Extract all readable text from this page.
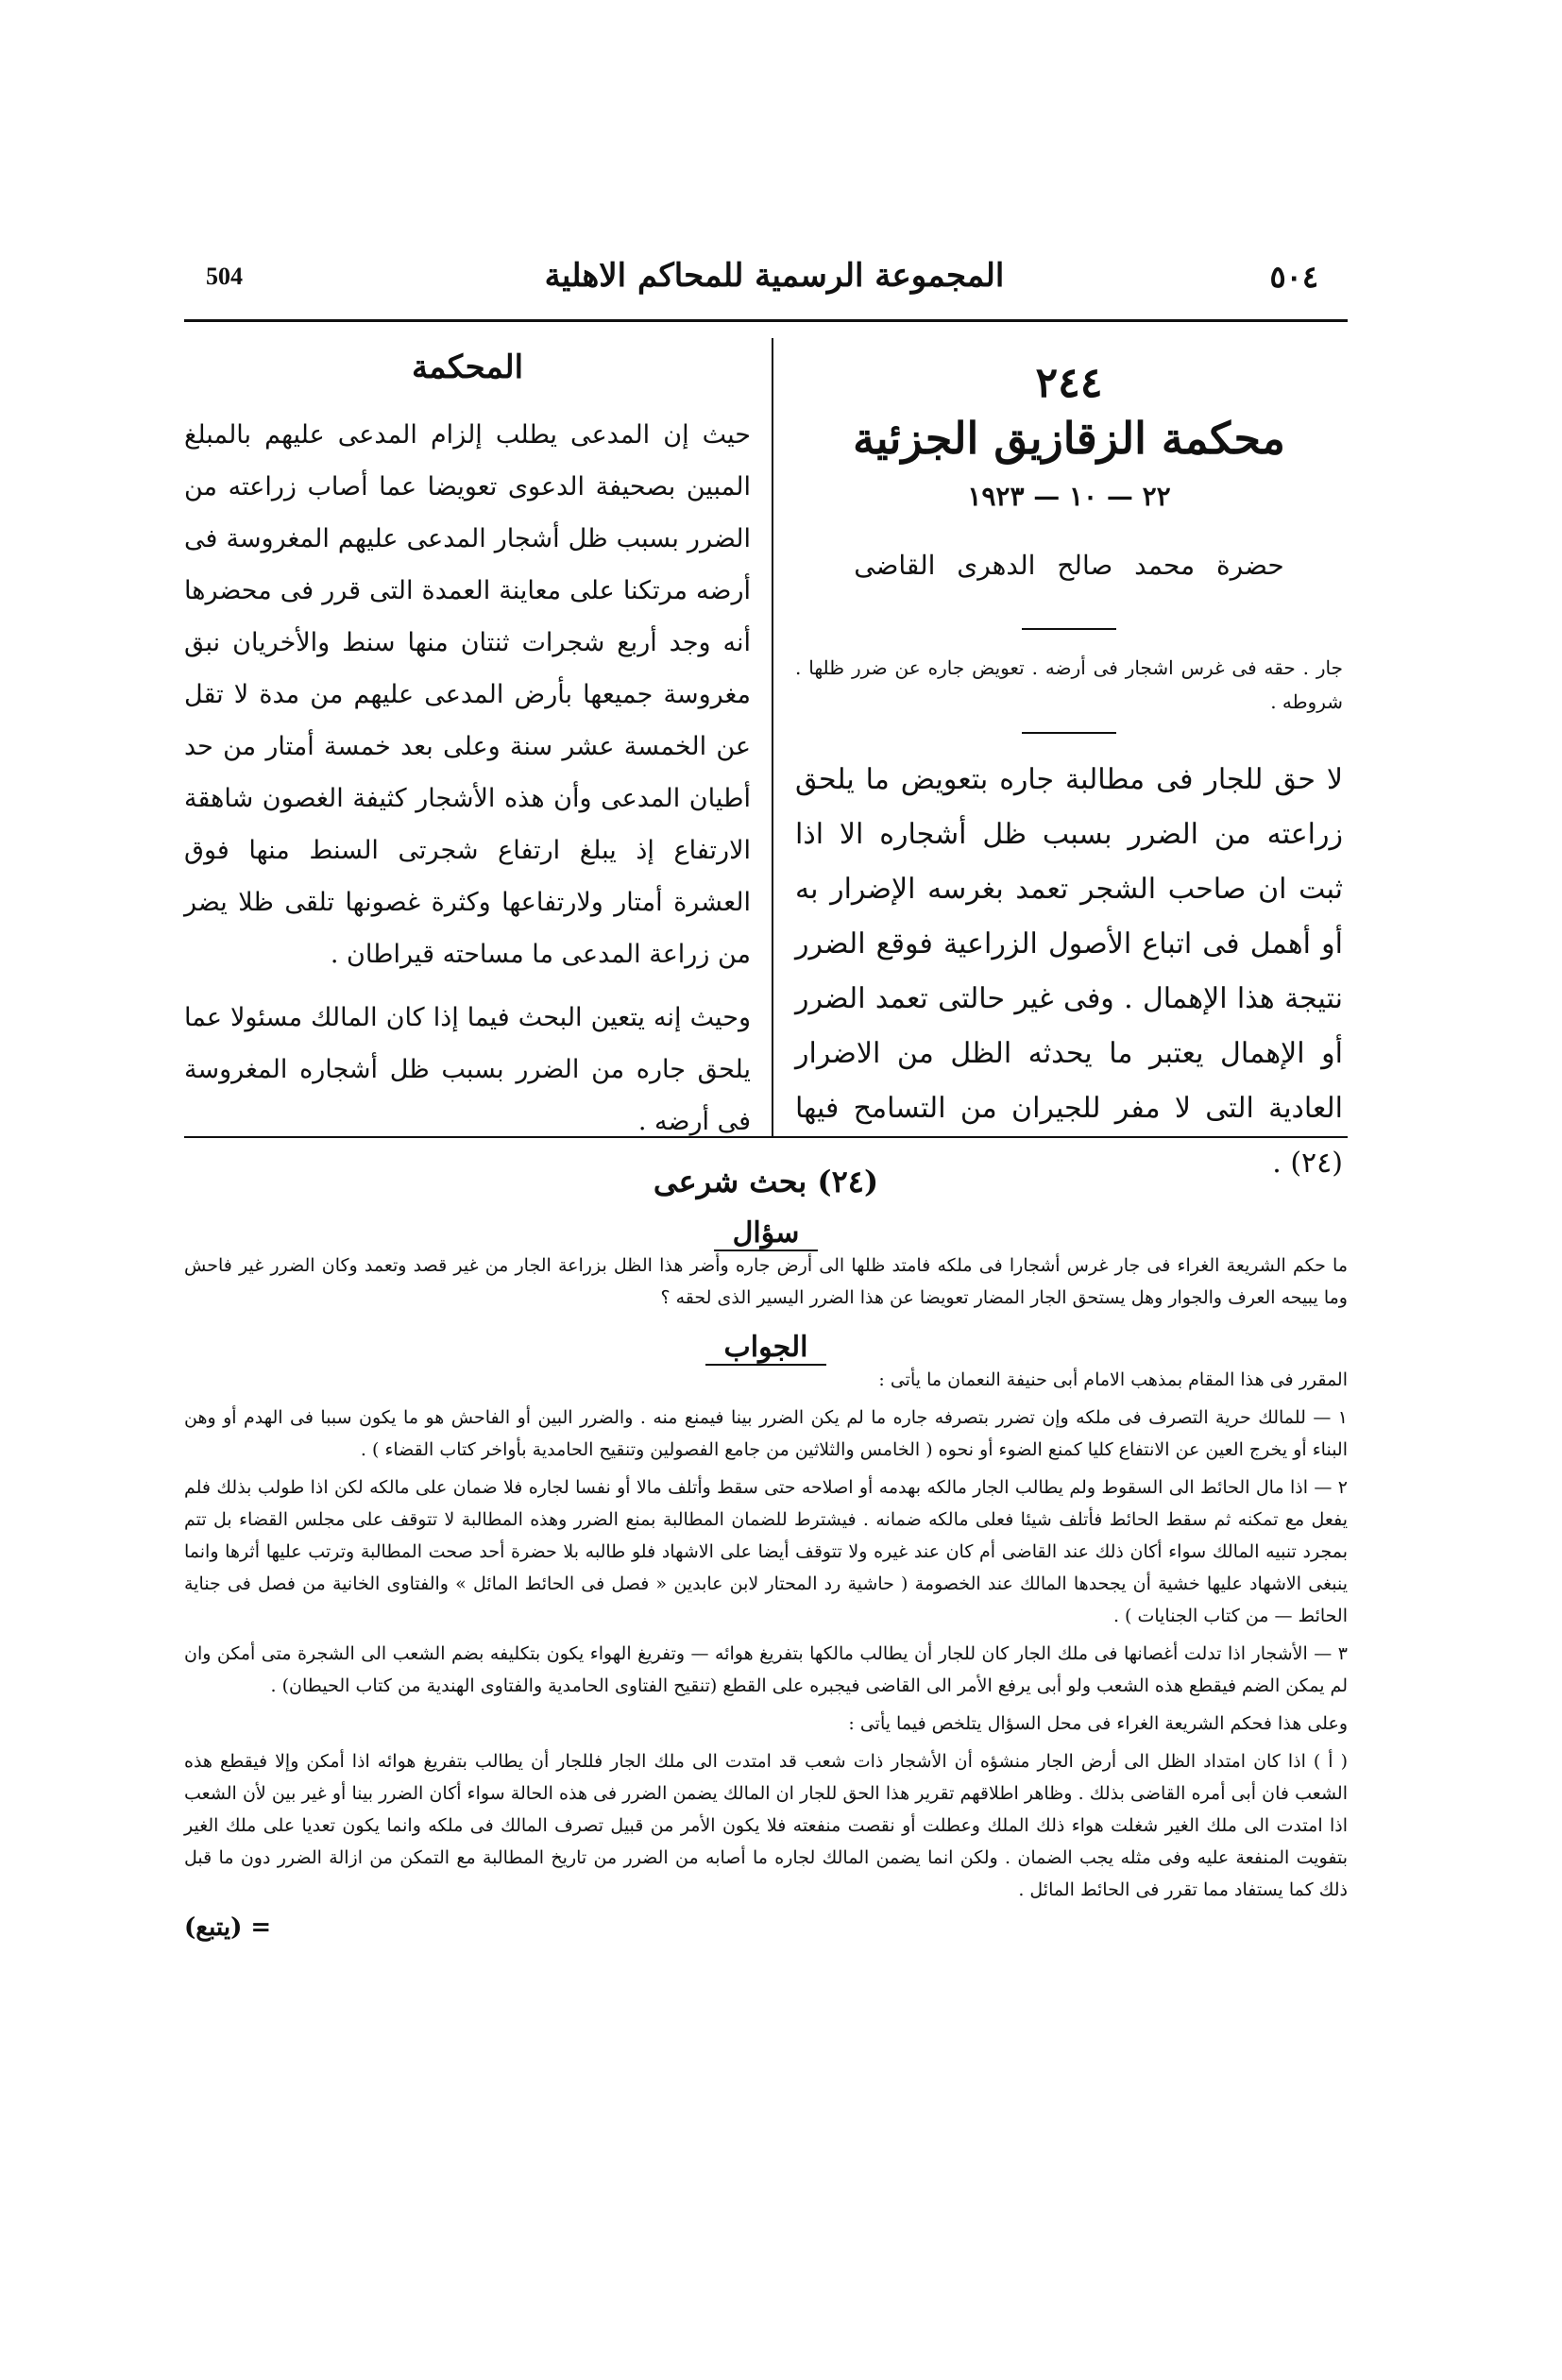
504	المجموعة الرسمية للمحاكم الاهلية	٥٠٤
٢٤٤
محكمة الزقازيق الجزئية
٢٢ — ١٠ — ١٩٢٣
حضرة محمد صالح الدهرى القاضى
جار . حقه فى غرس اشجار فى أرضه . تعويض جاره عن ضرر ظلها . شروطه .
لا حق للجار فى مطالبة جاره بتعويض ما يلحق زراعته من الضرر بسبب ظل أشجاره الا اذا ثبت ان صاحب الشجر تعمد بغرسه الإضرار به أو أهمل فى اتباع الأصول الزراعية فوقع الضرر نتيجة هذا الإهمال . وفى غير حالتى تعمد الضرر أو الإهمال يعتبر ما يحدثه الظل من الاضرار العادية التى لا مفر للجيران من التسامح فيها (٢٤) .
المحكمة

حيث إن المدعى يطلب إلزام المدعى عليهم بالمبلغ المبين بصحيفة الدعوى تعويضا عما أصاب زراعته من الضرر بسبب ظل أشجار المدعى عليهم المغروسة فى أرضه مرتكنا على معاينة العمدة التى قرر فى محضرها أنه وجد أربع شجرات ثنتان منها سنط والأخريان نبق مغروسة جميعها بأرض المدعى عليهم من مدة لا تقل عن الخمسة عشر سنة وعلى بعد خمسة أمتار من حد أطيان المدعى وأن هذه الأشجار كثيفة الغصون شاهقة الارتفاع إذ يبلغ ارتفاع شجرتى السنط منها فوق العشرة أمتار ولارتفاعها وكثرة غصونها تلقى ظلا يضر من زراعة المدعى ما مساحته قيراطان .

وحيث إنه يتعين البحث فيما إذا كان المالك مسئولا عما يلحق جاره من الضرر بسبب ظل أشجاره المغروسة فى أرضه .

(٢٤) بحث شرعى
سؤال

ما حكم الشريعة الغراء فى جار غرس أشجارا فى ملكه فامتد ظلها الى أرض جاره وأضر هذا الظل بزراعة الجار من غير قصد وتعمد وكان الضرر غير فاحش وما يبيحه العرف والجوار وهل يستحق الجار المضار تعويضا عن هذا الضرر اليسير الذى لحقه ؟

الجواب

المقرر فى هذا المقام بمذهب الامام أبى حنيفة النعمان ما يأتى :

١ — للمالك حرية التصرف فى ملكه وإن تضرر بتصرفه جاره ما لم يكن الضرر بينا فيمنع منه . والضرر البين أو الفاحش هو ما يكون سببا فى الهدم أو وهن البناء أو يخرج العين عن الانتفاع كليا كمنع الضوء أو نحوه ( الخامس والثلاثين من جامع الفصولين وتنقيح الحامدية بأواخر كتاب القضاء ) .

٢ — اذا مال الحائط الى السقوط ولم يطالب الجار مالكه بهدمه أو اصلاحه حتى سقط وأتلف مالا أو نفسا لجاره فلا ضمان على مالكه لكن اذا طولب بذلك فلم يفعل مع تمكنه ثم سقط الحائط فأتلف شيئا فعلى مالكه ضمانه . فيشترط للضمان المطالبة بمنع الضرر وهذه المطالبة لا تتوقف على مجلس القضاء بل تتم بمجرد تنبيه المالك سواء أكان ذلك عند القاضى أم كان عند غيره ولا تتوقف أيضا على الاشهاد فلو طالبه بلا حضرة أحد صحت المطالبة وترتب عليها أثرها وانما ينبغى الاشهاد عليها خشية أن يجحدها المالك عند الخصومة ( حاشية رد المحتار لابن عابدين « فصل فى الحائط المائل » والفتاوى الخانية من فصل فى جناية الحائط — من كتاب الجنايات ) .

٣ — الأشجار اذا تدلت أغصانها فى ملك الجار كان للجار أن يطالب مالكها بتفريغ هوائه — وتفريغ الهواء يكون بتكليفه بضم الشعب الى الشجرة متى أمكن وان لم يمكن الضم فيقطع هذه الشعب ولو أبى يرفع الأمر الى القاضى فيجبره على القطع (تنقيح الفتاوى الحامدية والفتاوى الهندية من كتاب الحيطان) .

وعلى هذا فحكم الشريعة الغراء فى محل السؤال يتلخص فيما يأتى :

( أ ) اذا كان امتداد الظل الى أرض الجار منشؤه أن الأشجار ذات شعب قد امتدت الى ملك الجار فللجار أن يطالب بتفريغ هوائه اذا أمكن وإلا فيقطع هذه الشعب فان أبى أمره القاضى بذلك . وظاهر اطلاقهم تقرير هذا الحق للجار ان المالك يضمن الضرر فى هذه الحالة سواء أكان الضرر بينا أو غير بين لأن الشعب اذا امتدت الى ملك الغير شغلت هواء ذلك الملك وعطلت أو نقصت منفعته فلا يكون الأمر من قبيل تصرف المالك فى ملكه وانما يكون تعديا على ملك الغير بتفويت المنفعة عليه وفى مثله يجب الضمان . ولكن انما يضمن المالك لجاره ما أصابه من الضرر من تاريخ المطالبة مع التمكن من ازالة الضرر دون ما قبل ذلك كما يستفاد مما تقرر فى الحائط المائل .

= (يتبع)
